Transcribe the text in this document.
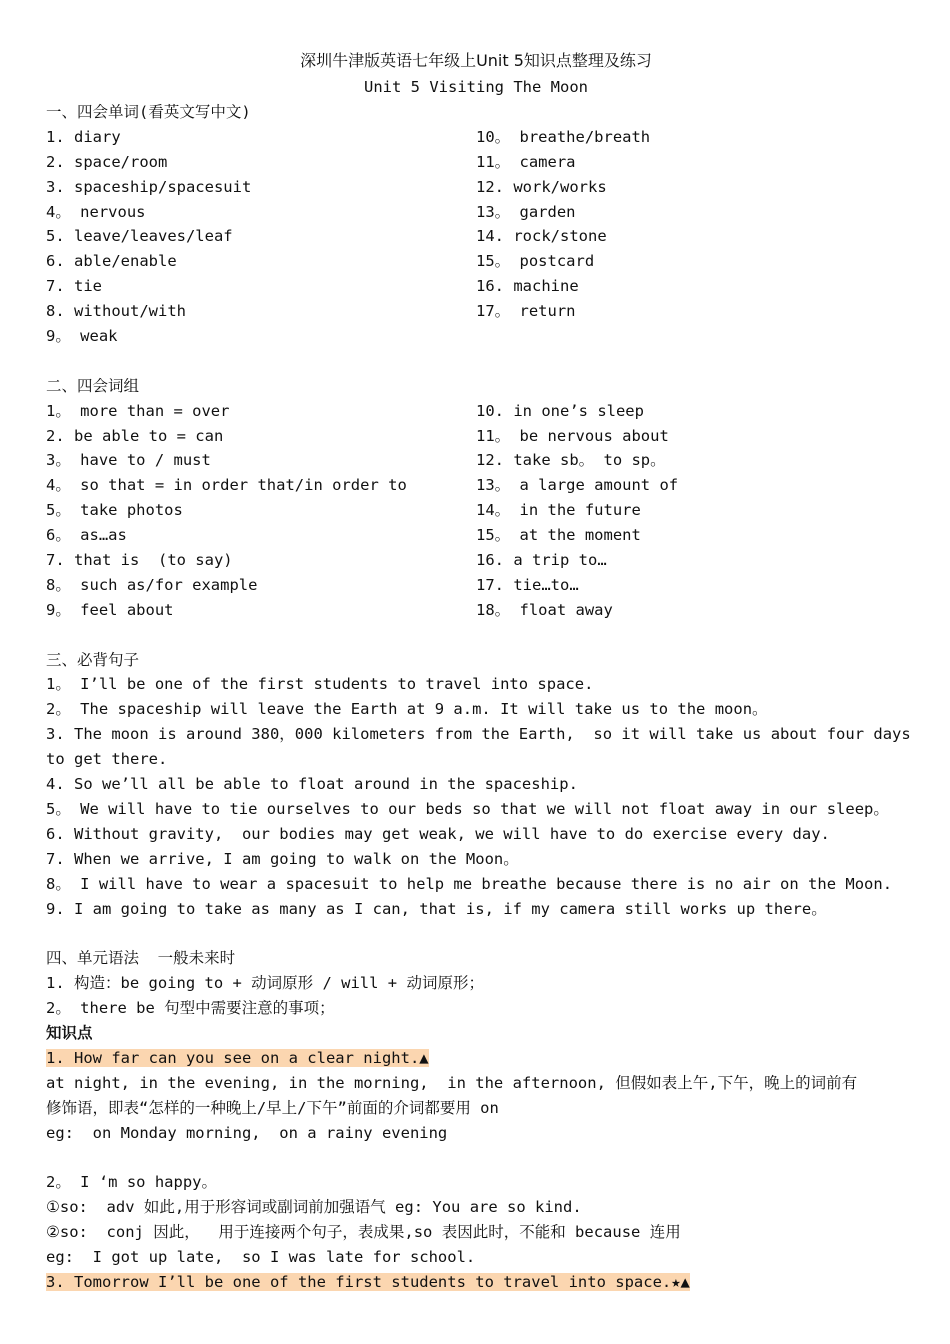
深圳牛津版英语七年级上Unit 5知识点整理及练习
Unit 5 Visiting The Moon
一、四会单词(看英文写中文)
1. diary
2. space/room
3. spaceship/spacesuit
4。 nervous
5. leave/leaves/leaf
6. able/enable
7. tie
8. without/with
9。 weak
10。 breathe/breath
11。 camera
12. work/works
13。 garden
14. rock/stone
15。 postcard
16. machine
17。 return
二、四会词组
1。 more than = over
2. be able to = can
3。 have to / must
4。 so that = in order that/in order to
5。 take photos
6。 as…as
7. that is  (to say)
8。 such as/for example
9。 feel about
10. in one’s sleep
11。 be nervous about
12. take sb。 to sp。
13。 a large amount of
14。 in the future
15。 at the moment
16. a trip to…
17. tie…to…
18。 float away
三、必背句子
1。 I’ll be one of the first students to travel into space.
2。 The spaceship will leave the Earth at 9 a.m. It will take us to the moon。
3. The moon is around 380，000 kilometers from the Earth,  so it will take us about four days
to get there.
4. So we’ll all be able to float around in the spaceship.
5。 We will have to tie ourselves to our beds so that we will not float away in our sleep。
6. Without gravity,  our bodies may get weak, we will have to do exercise every day.
7. When we arrive, I am going to walk on the Moon。
8。 I will have to wear a spacesuit to help me breathe because there is no air on the Moon.
9. I am going to take as many as I can, that is, if my camera still works up there。
四、单元语法  一般未来时
1. 构造：be going to + 动词原形 / will + 动词原形；
2。 there be 句型中需要注意的事项；
知识点
1. How far can you see on a clear night.▲
at night, in the evening, in the morning,  in the afternoon, 但假如表上午,下午，晚上的词前有
修饰语，即表“怎样的一种晚上/早上/下午”前面的介词都要用 on
eg:  on Monday morning,  on a rainy evening
2。 I ‘m so happy。
①so:  adv 如此,用于形容词或副词前加强语气 eg: You are so kind.
②so:  conj 因此，  用于连接两个句子，表成果,so 表因此时，不能和 because 连用
eg:  I got up late,  so I was late for school.
3. Tomorrow I’ll be one of the first students to travel into space.★▲
